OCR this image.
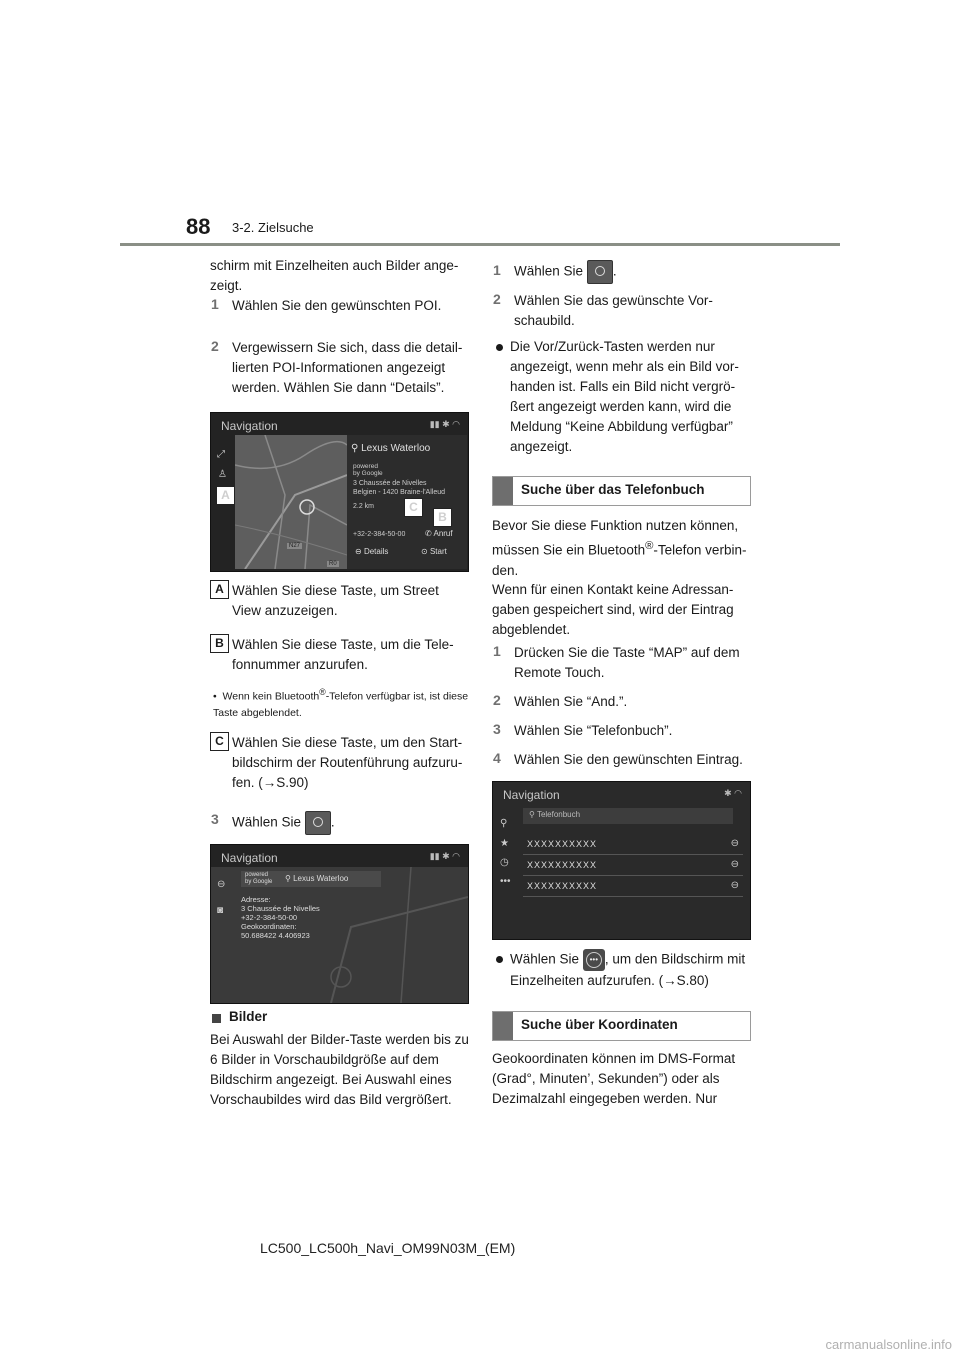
88 3-2. Zielsuche
schirm mit Einzelheiten auch Bilder ange-zeigt.
1 Wählen Sie den gewünschten POI.
2 Vergewissern Sie sich, dass die detail-lierten POI-Informationen angezeigt werden. Wählen Sie dann “Details”.
Navigation	▮▮ ✱ ◠
N27
R0
⤢
♙
⚲ Lexus Waterloo
powered
by Google
3 Chaussée de Nivelles
Belgien - 1420 Braine-l'Alleud
2.2 km
+32-2-384-50-00 ✆ Anruf
⊖ Details	⊙ Start
A
B
C
A Wählen Sie diese Taste, um Street View anzuzeigen.
B Wählen Sie diese Taste, um die Tele-fonnummer anzurufen.
•  Wenn kein Bluetooth®-Telefon verfügbar ist, ist diese Taste abgeblendet.
C Wählen Sie diese Taste, um den Start-bildschirm der Routenführung aufzuru-fen. (→S.90)
3 Wählen Sie .
Navigation	▮▮ ✱ ◠
⊖
◙
powered
by Google ⚲ Lexus Waterloo
Adresse:
3 Chaussée de Nivelles
+32-2-384-50-00
Geokoordinaten:
50.688422 4.406923
Bilder
Bei Auswahl der Bilder-Taste werden bis zu 6 Bilder in Vorschaubildgröße auf dem Bildschirm angezeigt. Bei Auswahl eines Vorschaubildes wird das Bild vergrößert.
1 Wählen Sie .
2 Wählen Sie das gewünschte Vor-schaubild.
Die Vor/Zurück-Tasten werden nur angezeigt, wenn mehr als ein Bild vor-handen ist. Falls ein Bild nicht vergrö-ßert angezeigt werden kann, wird die Meldung “Keine Abbildung verfügbar” angezeigt.
Suche über das Telefonbuch
Bevor Sie diese Funktion nutzen können, müssen Sie ein Bluetooth®-Telefon verbin-den.
Wenn für einen Kontakt keine Adressan-gaben gespeichert sind, wird der Eintrag abgeblendet.
1 Drücken Sie die Taste “MAP” auf dem Remote Touch.
2 Wählen Sie “And.”.
3 Wählen Sie “Telefonbuch”.
4 Wählen Sie den gewünschten Eintrag.
Navigation	✱ ◠
⚲
★
◷
•••
⚲ Telefonbuch
XXXXXXXXXX	⊖
XXXXXXXXXX	⊖
XXXXXXXXXX	⊖
Wählen Sie ••• , um den Bildschirm mit Einzelheiten aufzurufen. (→S.80)
Suche über Koordinaten
Geokoordinaten können im DMS-Format (Grad°, Minuten’, Sekunden”) oder als Dezimalzahl eingegeben werden. Nur
LC500_LC500h_Navi_OM99N03M_(EM)
carmanualsonline.info
